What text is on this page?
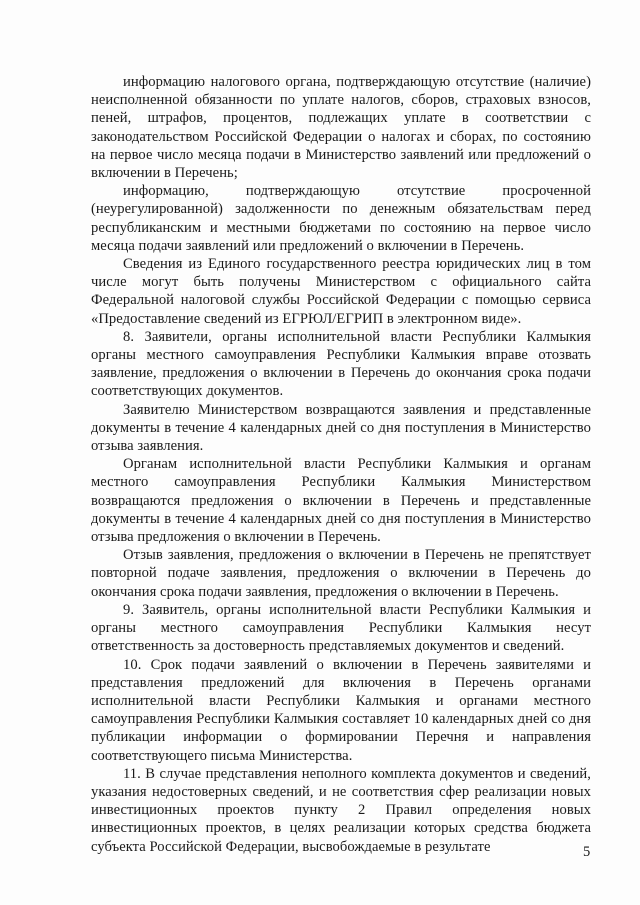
информацию налогового органа, подтверждающую отсутствие (наличие) неисполненной обязанности по уплате налогов, сборов, страховых взносов, пеней, штрафов, процентов, подлежащих уплате в соответствии с законодательством Российской Федерации о налогах и сборах, по состоянию на первое число месяца подачи в Министерство заявлений или предложений о включении в Перечень;

информацию, подтверждающую отсутствие просроченной (неурегулированной) задолженности по денежным обязательствам перед республиканским и местными бюджетами по состоянию на первое число месяца подачи заявлений или предложений о включении в Перечень.

Сведения из Единого государственного реестра юридических лиц в том числе могут быть получены Министерством с официального сайта Федеральной налоговой службы Российской Федерации с помощью сервиса «Предоставление сведений из ЕГРЮЛ/ЕГРИП в электронном виде».

8. Заявители, органы исполнительной власти Республики Калмыкия органы местного самоуправления Республики Калмыкия вправе отозвать заявление, предложения о включении в Перечень до окончания срока подачи соответствующих документов.

Заявителю Министерством возвращаются заявления и представленные документы в течение 4 календарных дней со дня поступления в Министерство отзыва заявления.

Органам исполнительной власти Республики Калмыкия и органам местного самоуправления Республики Калмыкия Министерством возвращаются предложения о включении в Перечень и представленные документы в течение 4 календарных дней со дня поступления в Министерство отзыва предложения о включении в Перечень.

Отзыв заявления, предложения о включении в Перечень не препятствует повторной подаче заявления, предложения о включении в Перечень до окончания срока подачи заявления, предложения о включении в Перечень.

9. Заявитель, органы исполнительной власти Республики Калмыкия и органы местного самоуправления Республики Калмыкия несут ответственность за достоверность представляемых документов и сведений.

10. Срок подачи заявлений о включении в Перечень заявителями и представления предложений для включения в Перечень органами исполнительной власти Республики Калмыкия и органами местного самоуправления Республики Калмыкия составляет 10 календарных дней со дня публикации информации о формировании Перечня и направления соответствующего письма Министерства.

11. В случае представления неполного комплекта документов и сведений, указания недостоверных сведений, и не соответствия сфер реализации новых инвестиционных проектов пункту 2 Правил определения новых инвестиционных проектов, в целях реализации которых средства бюджета субъекта Российской Федерации, высвобождаемые в результате	5
